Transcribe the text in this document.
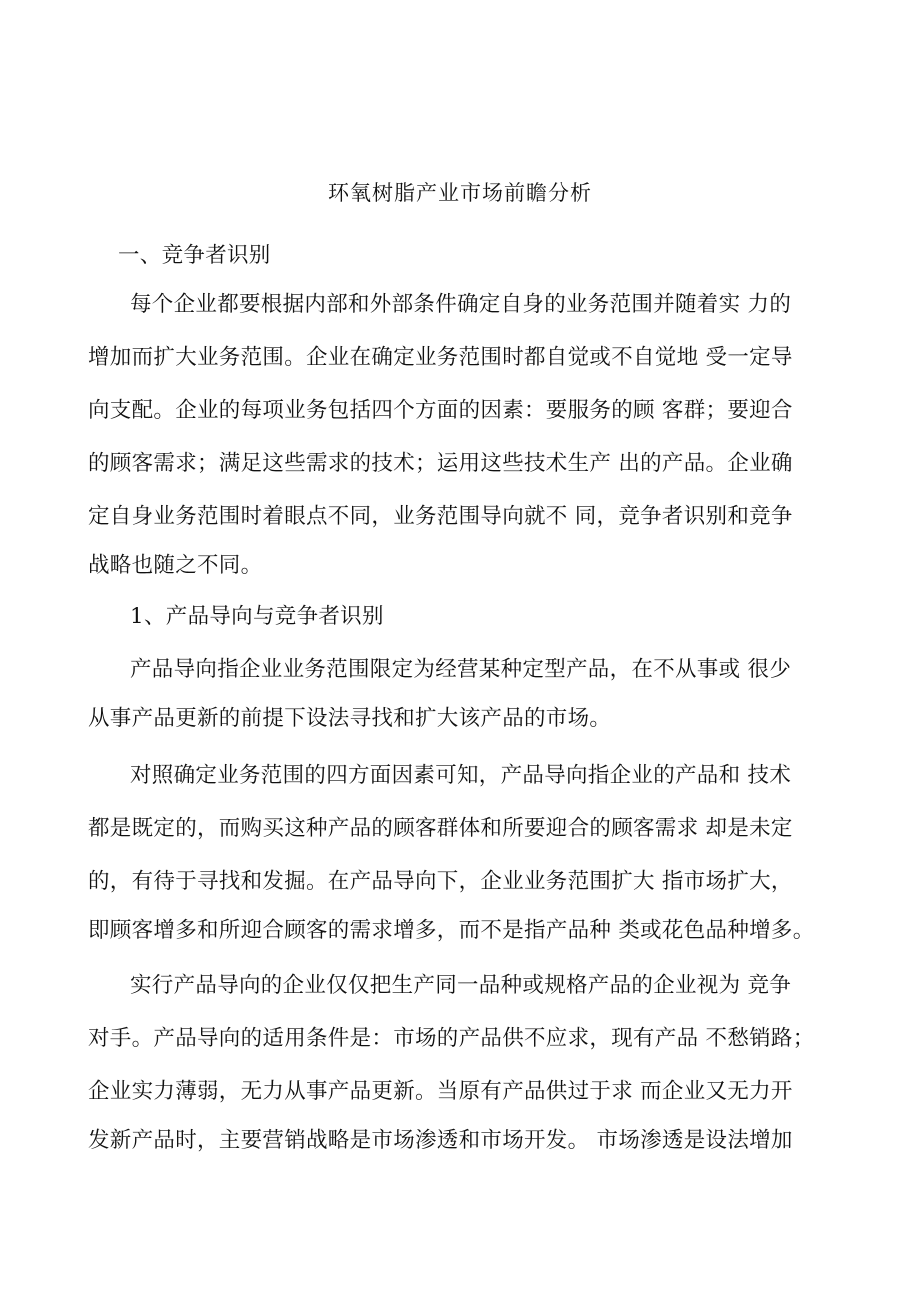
环氧树脂产业市场前瞻分析
一、竞争者识别
每个企业都要根据内部和外部条件确定自身的业务范围并随着实 力的
增加而扩大业务范围。企业在确定业务范围时都自觉或不自觉地 受一定导
向支配。企业的每项业务包括四个方面的因素：要服务的顾 客群；要迎合
的顾客需求；满足这些需求的技术；运用这些技术生产 出的产品。企业确
定自身业务范围时着眼点不同，业务范围导向就不 同，竞争者识别和竞争
战略也随之不同。
1、产品导向与竞争者识别
产品导向指企业业务范围限定为经营某种定型产品，在不从事或 很少
从事产品更新的前提下设法寻找和扩大该产品的市场。
对照确定业务范围的四方面因素可知，产品导向指企业的产品和 技术
都是既定的，而购买这种产品的顾客群体和所要迎合的顾客需求 却是未定
的，有待于寻找和发掘。在产品导向下，企业业务范围扩大 指市场扩大，
即顾客增多和所迎合顾客的需求增多，而不是指产品种 类或花色品种增多。
实行产品导向的企业仅仅把生产同一品种或规格产品的企业视为 竞争
对手。产品导向的适用条件是：市场的产品供不应求，现有产品 不愁销路；
企业实力薄弱，无力从事产品更新。当原有产品供过于求 而企业又无力开
发新产品时，主要营销战略是市场渗透和市场开发。 市场渗透是设法增加
